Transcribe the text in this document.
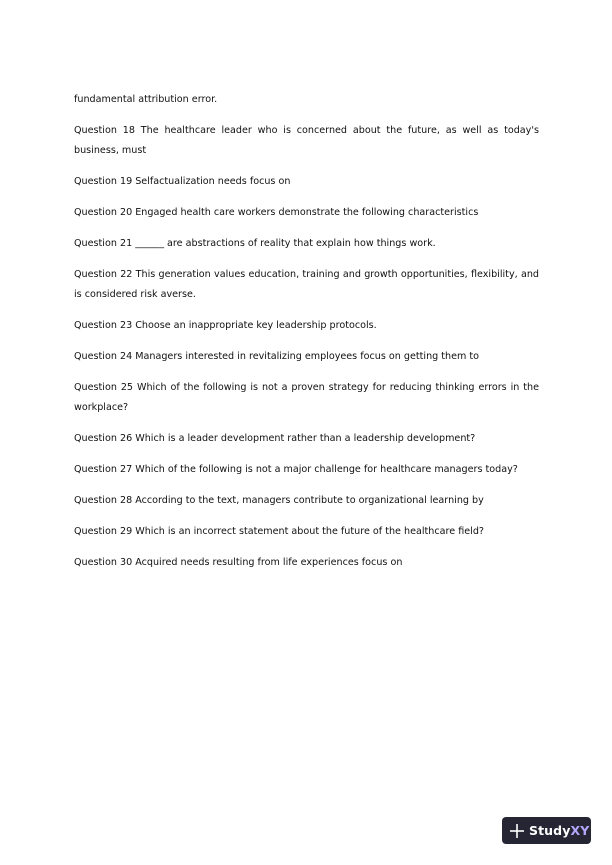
fundamental attribution error.

Question 18 The healthcare leader who is concerned about the future, as well as today's business, must

Question 19 Selfactualization needs focus on

Question 20 Engaged health care workers demonstrate the following characteristics

Question 21 ______ are abstractions of reality that explain how things work.

Question 22 This generation values education, training and growth opportunities, flexibility, and is considered risk averse.

Question 23 Choose an inappropriate key leadership protocols.

Question 24 Managers interested in revitalizing employees focus on getting them to

Question 25 Which of the following is not a proven strategy for reducing thinking errors in the workplace?

Question 26 Which is a leader development rather than a leadership development?

Question 27 Which of the following is not a major challenge for healthcare managers today?

Question 28 According to the text, managers contribute to organizational learning by

Question 29 Which is an incorrect statement about the future of the healthcare field?

Question 30 Acquired needs resulting from life experiences focus on

StudyXY
